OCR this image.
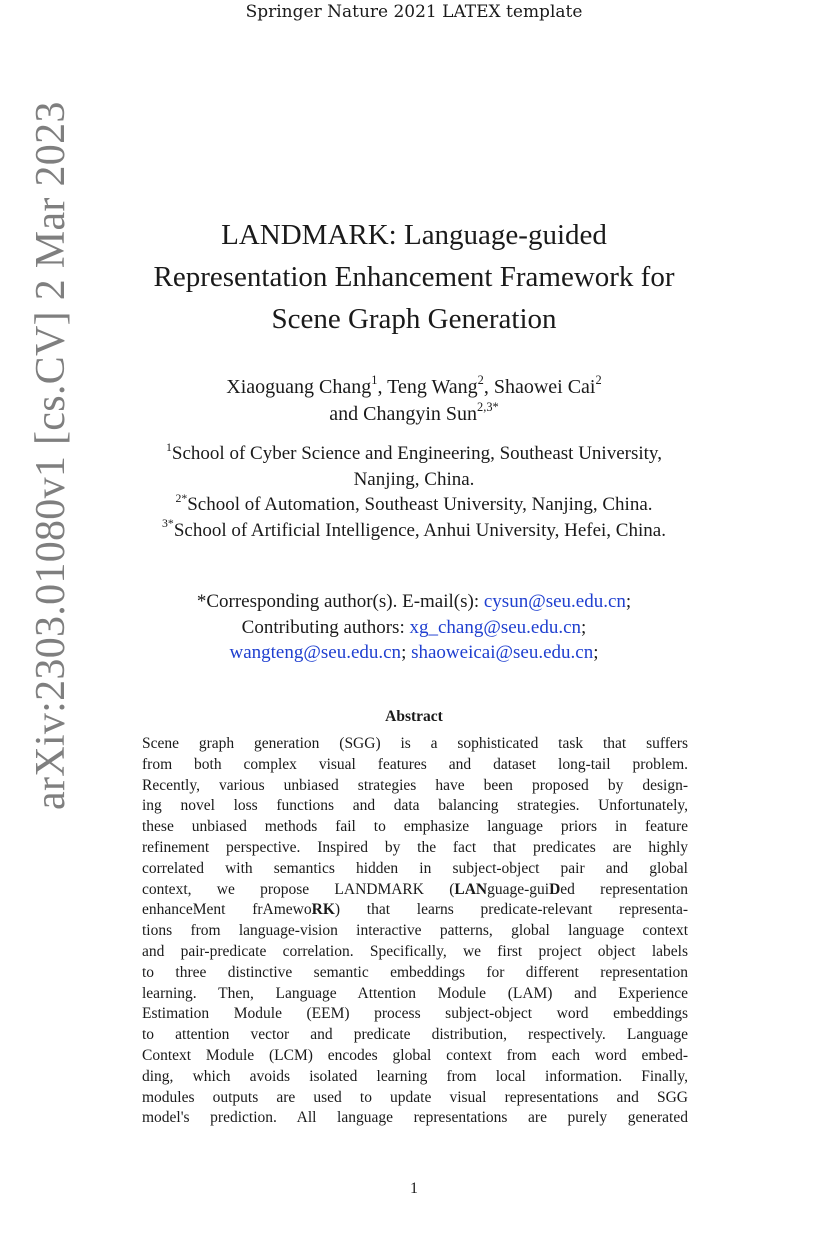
Springer Nature 2021 LATEX template
arXiv:2303.01080v1 [cs.CV] 2 Mar 2023	LANDMARK: Language-guided
Representation Enhancement Framework for
Scene Graph Generation
Xiaoguang Chang$^1$, Teng Wang$^2$, Shaowei Cai$^2$
and Changyin Sun$^{2,3*}$
$^1$School of Cyber Science and Engineering, Southeast University,
Nanjing, China.
$^{2*}$School of Automation, Southeast University, Nanjing, China.
$^{3*}$School of Artificial Intelligence, Anhui University, Hefei, China.
*Corresponding author(s). E-mail(s): cysun@seu.edu.cn;
Contributing authors: xg_chang@seu.edu.cn;
wangteng@seu.edu.cn; shaoweicai@seu.edu.cn;
Abstract
Scene graph generation (SGG) is a sophisticated task that suffers
from both complex visual features and dataset long-tail problem.
Recently, various unbiased strategies have been proposed by design-
ing novel loss functions and data balancing strategies. Unfortunately,
these unbiased methods fail to emphasize language priors in feature
refinement perspective. Inspired by the fact that predicates are highly
correlated with semantics hidden in subject-object pair and global
context, we propose LANDMARK (LANguage-guiDed representation
enhanceMent frAmewoRK) that learns predicate-relevant representa-
tions from language-vision interactive patterns, global language context
and pair-predicate correlation. Specifically, we first project object labels
to three distinctive semantic embeddings for different representation
learning. Then, Language Attention Module (LAM) and Experience
Estimation Module (EEM) process subject-object word embeddings
to attention vector and predicate distribution, respectively. Language
Context Module (LCM) encodes global context from each word embed-
ding, which avoids isolated learning from local information. Finally,
modules outputs are used to update visual representations and SGG
model's prediction. All language representations are purely generated
1
